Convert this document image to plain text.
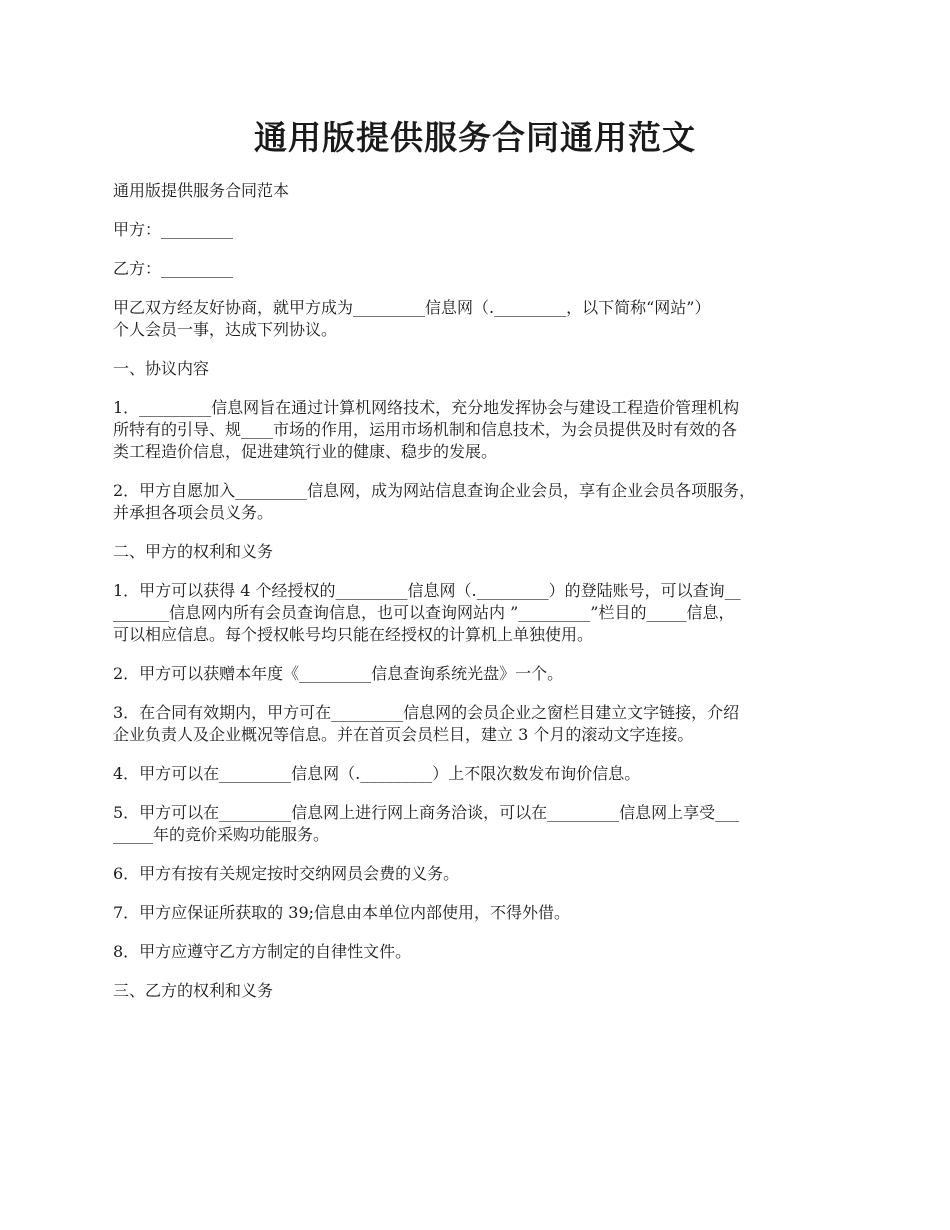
通用版提供服务合同通用范文

通用版提供服务合同范本

甲方：_________

乙方：_________

甲乙双方经友好协商，就甲方成为_________信息网（._________，以下简称“网站”）
个人会员一事，达成下列协议。

一、协议内容

1．_________信息网旨在通过计算机网络技术，充分地发挥协会与建设工程造价管理机构
所特有的引导、规____市场的作用，运用市场机制和信息技术，为会员提供及时有效的各
类工程造价信息，促进建筑行业的健康、稳步的发展。

2．甲方自愿加入_________信息网，成为网站信息查询企业会员，享有企业会员各项服务，
并承担各项会员义务。

二、甲方的权利和义务

1．甲方可以获得 4 个经授权的_________信息网（._________）的登陆账号，可以查询__
_______信息网内所有会员查询信息，也可以查询网站内 ”_________”栏目的_____信息，
可以相应信息。每个授权帐号均只能在经授权的计算机上单独使用。

2．甲方可以获赠本年度《_________信息查询系统光盘》一个。

3．在合同有效期内，甲方可在_________信息网的会员企业之窗栏目建立文字链接，介绍
企业负责人及企业概况等信息。并在首页会员栏目，建立 3 个月的滚动文字连接。

4．甲方可以在_________信息网（._________）上不限次数发布询价信息。

5．甲方可以在_________信息网上进行网上商务洽谈，可以在_________信息网上享受___
_____年的竞价采购功能服务。

6．甲方有按有关规定按时交纳网员会费的义务。

7．甲方应保证所获取的 39;信息由本单位内部使用，不得外借。

8．甲方应遵守乙方方制定的自律性文件。

三、乙方的权利和义务
